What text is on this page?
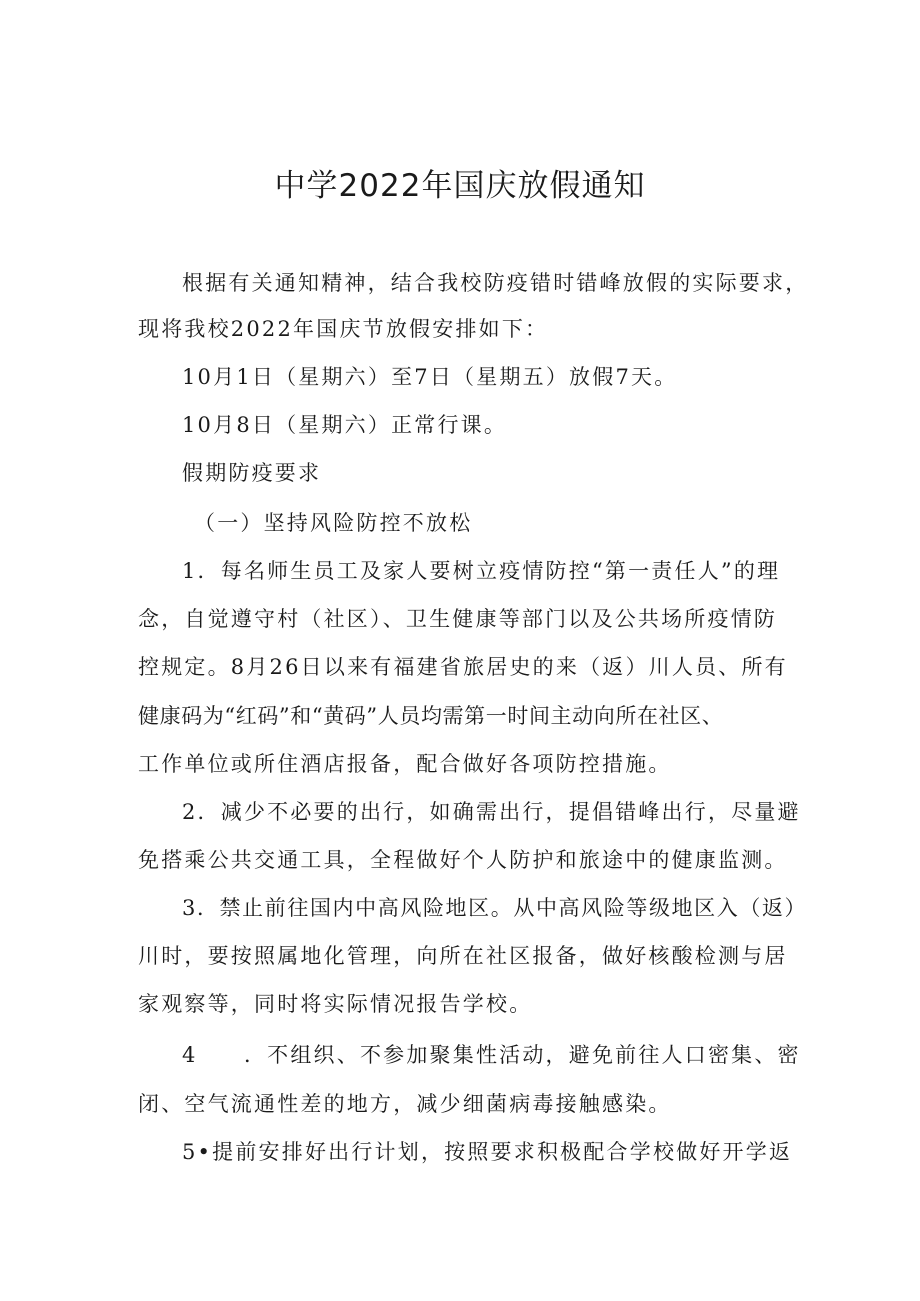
中学2022年国庆放假通知
根据有关通知精神，结合我校防疫错时错峰放假的实际要求，
现将我校2022年国庆节放假安排如下：
10月1日（星期六）至7日（星期五）放假7天。
10月8日（星期六）正常行课。
假期防疫要求
（一）坚持风险防控不放松
1．每名师生员工及家人要树立疫情防控“第一责任人”的理
念，自觉遵守村（社区）、卫生健康等部门以及公共场所疫情防
控规定。8月26日以来有福建省旅居史的来（返）川人员、所有
健康码为“红码”和“黄码”人员均需第一时间主动向所在社区、
工作单位或所住酒店报备，配合做好各项防控措施。
2．减少不必要的出行，如确需出行，提倡错峰出行，尽量避
免搭乘公共交通工具，全程做好个人防护和旅途中的健康监测。
3．禁止前往国内中高风险地区。从中高风险等级地区入（返）
川时，要按照属地化管理，向所在社区报备，做好核酸检测与居
家观察等，同时将实际情况报告学校。
4　　．不组织、不参加聚集性活动，避免前往人口密集、密
闭、空气流通性差的地方，减少细菌病毒接触感染。
5•提前安排好出行计划，按照要求积极配合学校做好开学返
